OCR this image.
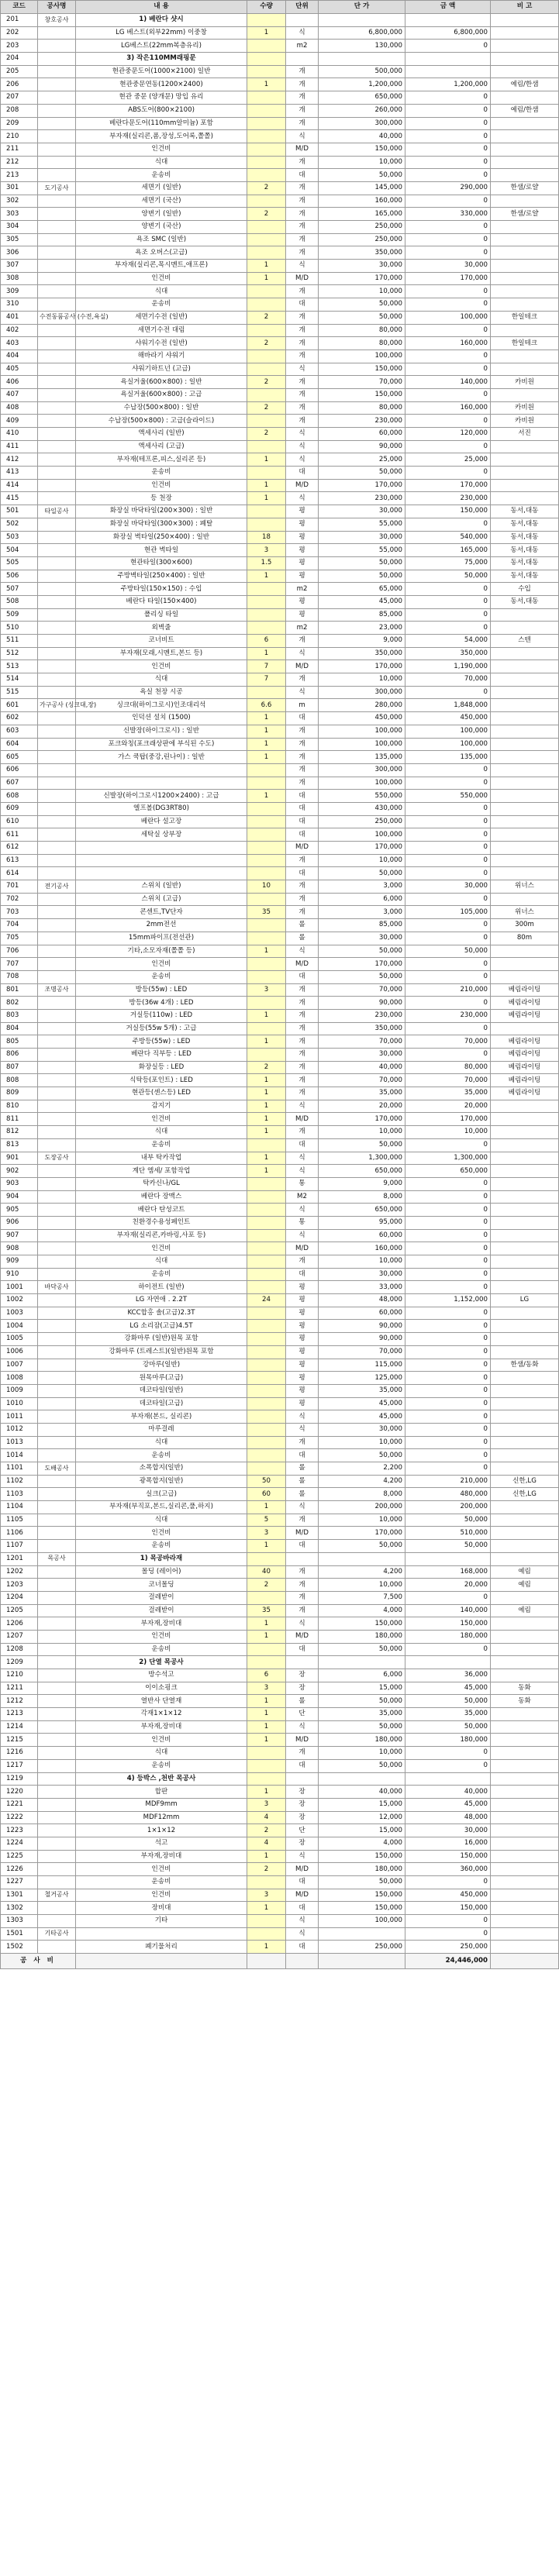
코드	공사명	내 용	수량	단위	단 가	금 액	비 고
201	창호공사	1) 베란다 샷시					
202		LG 베스트(외부22mm) 이중창	1	식	6,800,000	6,800,000	
203		LG베스트(22mm복층유리)		m2	130,000	0	
204		3) 작은110MM래핑문					
205		현관중문도어(1000×2100) 일반		개	500,000		
206		현관중문연동(1200×2400)	1	개	1,200,000	1,200,000	예림/한샘
207		현관 중문 (양개문) 망입 유리		개	650,000	0	
208		ABS도어(800×2100)		개	260,000	0	예림/한샘
209		베란다문도어(110mm알미늄) 포함		개	300,000	0	
210		부자재(실리콘,폼,장성,도어록,쫄쫄)		식	40,000	0	
211		인건비		M/D	150,000	0	
212		식대		개	10,000	0	
213		운송비		대	50,000	0	
301	도기공사	세면기 (일반)	2	개	145,000	290,000	한샘/로얄
302		세면기 (국산)		개	160,000	0	
303		양변기 (일반)	2	개	165,000	330,000	한샘/로얄
304		양변기 (국산)		개	250,000	0	
305		욕조 SMC (일반)		개	250,000	0	
306		욕조 오버스(고급)		개	350,000	0	
307		부자재(실리콘,목시멘트,애프론)	1	식	30,000	30,000	
308		인건비	1	M/D	170,000	170,000	
309		식대		개	10,000	0	
310		운송비		대	50,000	0	
401	수전동품공사 (수전,욕실)	세면기수전 (일반)	2	개	50,000	100,000	한일테크
402		세면기수전 대림		개	80,000	0	
403		샤워기수전 (일반)	2	개	80,000	160,000	한일테크
404		해바라기 샤워기		개	100,000	0	
405		샤워기하트넌 (고급)		식	150,000	0	
406		욕실거울(600×800) : 일반	2	개	70,000	140,000	카비원
407		욕실거울(600×800) : 고급		개	150,000	0	
408		수납장(500×800) : 일반	2	개	80,000	160,000	카비원
409		수납장(500×800) : 고급(슬라이드)		개	230,000	0	카비원
410		액세사리 (일반)	2	식	60,000	120,000	서진
411		액세사리 (고급)		식	90,000	0	
412		부자재(테프론,피스,실리콘 등)	1	식	25,000	25,000	
413		운송비		대	50,000	0	
414		인건비	1	M/D	170,000	170,000	
415		등 천장	1	식	230,000	230,000	
501	타일공사	화장실 바닥타일(200×300) : 일반		평	30,000	150,000	동서,대동
502		화장실 바닥타일(300×300) : 폐탈		평	55,000	0	동서,대동
503		화장실 벽타일(250×400) : 일반	18	평	30,000	540,000	동서,대동
504		현관 벽타일	3	평	55,000	165,000	동서,대동
505		현관타일(300×600)	1.5	평	50,000	75,000	동서,대동
506		주방벽타일(250×400) : 일반	1	평	50,000	50,000	동서,대동
507		주방타일(150×150) : 수입		m2	65,000	0	수입
508		베란다 타일(150×400)		평	45,000	0	동서,대동
509		폴리싱 타일		평	85,000	0	
510		외벽줄		m2	23,000	0	
511		코너비트	6	개	9,000	54,000	스텐
512		부자재(모래,시멘트,본드 등)	1	식	350,000	350,000	
513		인건비	7	M/D	170,000	1,190,000	
514		식대	7	개	10,000	70,000	
515		욕실 천장 시공		식	300,000	0	
601	가구공사 (싱크대,장)	싱크대(하이그로시)인조대리석	6.6	m	280,000	1,848,000	
602		인덕션 설치 (1500)	1	대	450,000	450,000	
603		신발장(하이그로시) : 일반	1	개	100,000	100,000	
604		포크와칭(포크래상판에 부식된 수도)	1	개	100,000	100,000	
605		가스 쿡탑(중강,린나이) : 일반	1	개	135,000	135,000	
606				개	300,000	0	
607				개	100,000	0	
608		신발장(하이그로시1200×2400) : 고급	1	대	550,000	550,000	
609		엘프볼(DG3RT80)		대	430,000	0	
610		베란다 설고장		대	250,000	0	
611		세탁실 상부장		대	100,000	0	
612				M/D	170,000	0	
613				개	10,000	0	
614				대	50,000	0	
701	전기공사	스위치 (일반)	10	개	3,000	30,000	위너스
702		스위치 (고급)		개	6,000	0	
703		콘센트,TV단자	35	개	3,000	105,000	위너스
704		2mm전선		롤	85,000	0	300m
705		15mm파이프(전선관)		롤	30,000	0	80m
706		기타,소모자재(쫄쫄 등)	1	식	50,000	50,000	
707		인건비		M/D	170,000	0	
708		운송비		대	50,000	0	
801	조명공사	방등(55w) : LED	3	개	70,000	210,000	베림라이팅
802		방등(36w 4개) : LED		개	90,000	0	베림라이팅
803		거실등(110w) : LED	1	개	230,000	230,000	베림라이팅
804		거실등(55w 5개) : 고급		개	350,000	0	
805		주방등(55w) : LED	1	개	70,000	70,000	베림라이팅
806		베란다 직부등 : LED		개	30,000	0	베림라이팅
807		화장실등 : LED	2	개	40,000	80,000	베림라이팅
808		식탁등(포인트) : LED	1	개	70,000	70,000	베림라이팅
809		현관등(센스등) LED	1	개	35,000	35,000	베림라이팅
810		감지기	1	식	20,000	20,000	
811		인건비	1	M/D	170,000	170,000	
812		식대	1	개	10,000	10,000	
813		운송비		대	50,000	0	
901	도장공사	내부 탁카작업	1	식	1,300,000	1,300,000	
902		계단 엠세/ 포함작업	1	식	650,000	650,000	
903		탁카신나/GL		통	9,000	0	
904		베란다 장맥스		M2	8,000	0	
905		베란다 탄성코트		식	650,000	0	
906		친환경수용성페인트		통	95,000	0	
907		부자재(실리콘,카바링,사포 등)		식	60,000	0	
908		인건비		M/D	160,000	0	
909		식대		개	10,000	0	
910		운송비		대	30,000	0	
1001	바닥공사	하이전트 (일반)		평	33,000	0	
1002		LG 자연애 . 2.2T	24	평	48,000	1,152,000	LG
1003		KCC합홍 솔(고급)2.3T		평	60,000	0	
1004		LG 소리잠(고급)4.5T		평	90,000	0	
1005		강화마루 (일반)원목 포함		평	90,000	0	
1006		강화마루 (트레스트)(일반)원목 포함		평	70,000	0	
1007		강마루(일반)		평	115,000	0	한샘/동화
1008		원목마루(고급)		평	125,000	0	
1009		데코타일(일반)		평	35,000	0	
1010		데코타일(고급)		평	45,000	0	
1011		부자재(본드, 실리콘)		식	45,000	0	
1012		마루걸레		식	30,000	0	
1013		식대		개	10,000	0	
1014		운송비		대	50,000	0	
1101	도배공사	소폭합지(일반)		롤	2,200	0	
1102		광폭합지(일반)	50	롤	4,200	210,000	신한,LG
1103		실크(고급)	60	롤	8,000	480,000	신한,LG
1104		부자재(부직포,본드,실리콘,풀,하지)	1	식	200,000	200,000	
1105		식대	5	개	10,000	50,000	
1106		인건비	3	M/D	170,000	510,000	
1107		운송비	1	대	50,000	50,000	
1201	목공사	1) 목공바라재					
1202		몰딩 (레이어)	40	개	4,200	168,000	예림
1203		코너몰딩	2	개	10,000	20,000	예림
1204		걸레받이		개	7,500	0	
1205		걸레받이	35	개	4,000	140,000	예림
1206		부자재,장비대	1	식	150,000	150,000	
1207		인건비	1	M/D	180,000	180,000	
1208		운송비		대	50,000	0	
1209		2) 단열 목공사					
1210		방수석고	6	장	6,000	36,000	
1211		이이소핑크	3	장	15,000	45,000	동화
1212		열반사 단열재	1	롤	50,000	50,000	동화
1213		각재1×1×12	1	단	35,000	35,000	
1214		부자재,장비대	1	식	50,000	50,000	
1215		인건비	1	M/D	180,000	180,000	
1216		식대		개	10,000	0	
1217		운송비		대	50,000	0	
1219		4) 등박스 ,천반 목공사					
1220		합판	1	장	40,000	40,000	
1221		MDF9mm	3	장	15,000	45,000	
1222		MDF12mm	4	장	12,000	48,000	
1223		1×1×12	2	단	15,000	30,000	
1224		석고	4	장	4,000	16,000	
1225		부자재,장비대	1	식	150,000	150,000	
1226		인건비	2	M/D	180,000	360,000	
1227		운송비		대	50,000	0	
1301	철거공사	인건비	3	M/D	150,000	450,000	
1302		장비대	1	대	150,000	150,000	
1303		기타		식	100,000	0	
1501	기타공사			식		0	
1502		폐기물처리	1	대	250,000	250,000	
공 사 비						24,446,000	
